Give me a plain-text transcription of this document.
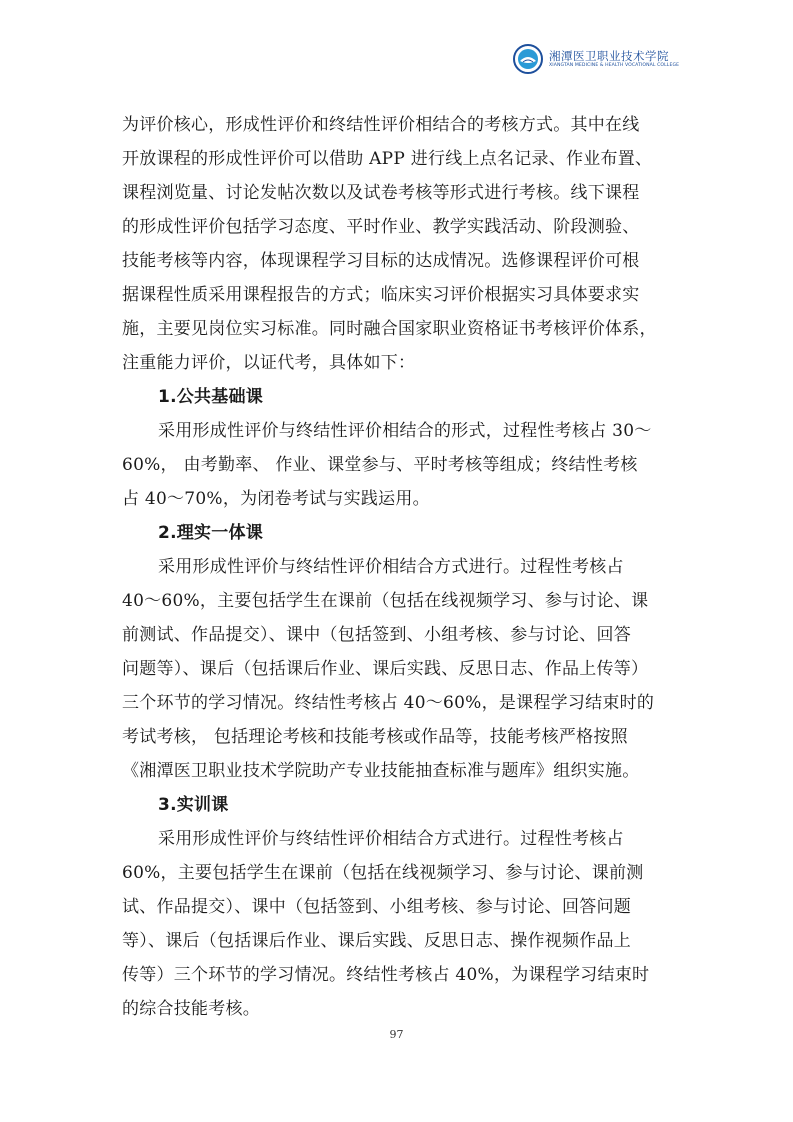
湘潭医卫职业技术学院
XIANGTAN MEDICINE & HEALTH VOCATIONAL COLLEGE
为评价核心，形成性评价和终结性评价相结合的考核方式。其中在线
开放课程的形成性评价可以借助 APP 进行线上点名记录、作业布置、
课程浏览量、讨论发帖次数以及试卷考核等形式进行考核。线下课程
的形成性评价包括学习态度、平时作业、教学实践活动、阶段测验、
技能考核等内容，体现课程学习目标的达成情况。选修课程评价可根
据课程性质采用课程报告的方式；临床实习评价根据实习具体要求实
施，主要见岗位实习标准。同时融合国家职业资格证书考核评价体系，
注重能力评价，以证代考，具体如下：
1.公共基础课
采用形成性评价与终结性评价相结合的形式，过程性考核占 30～
60%， 由考勤率、 作业、课堂参与、平时考核等组成；终结性考核
占 40～70%，为闭卷考试与实践运用。
2.理实一体课
采用形成性评价与终结性评价相结合方式进行。过程性考核占
40～60%，主要包括学生在课前（包括在线视频学习、参与讨论、课
前测试、作品提交）、课中（包括签到、小组考核、参与讨论、回答
问题等）、课后（包括课后作业、课后实践、反思日志、作品上传等）
三个环节的学习情况。终结性考核占 40～60%，是课程学习结束时的
考试考核， 包括理论考核和技能考核或作品等，技能考核严格按照
《湘潭医卫职业技术学院助产专业技能抽查标准与题库》组织实施。
3.实训课
采用形成性评价与终结性评价相结合方式进行。过程性考核占
60%，主要包括学生在课前（包括在线视频学习、参与讨论、课前测
试、作品提交）、课中（包括签到、小组考核、参与讨论、回答问题
等）、课后（包括课后作业、课后实践、反思日志、操作视频作品上
传等）三个环节的学习情况。终结性考核占 40%，为课程学习结束时
的综合技能考核。
97
